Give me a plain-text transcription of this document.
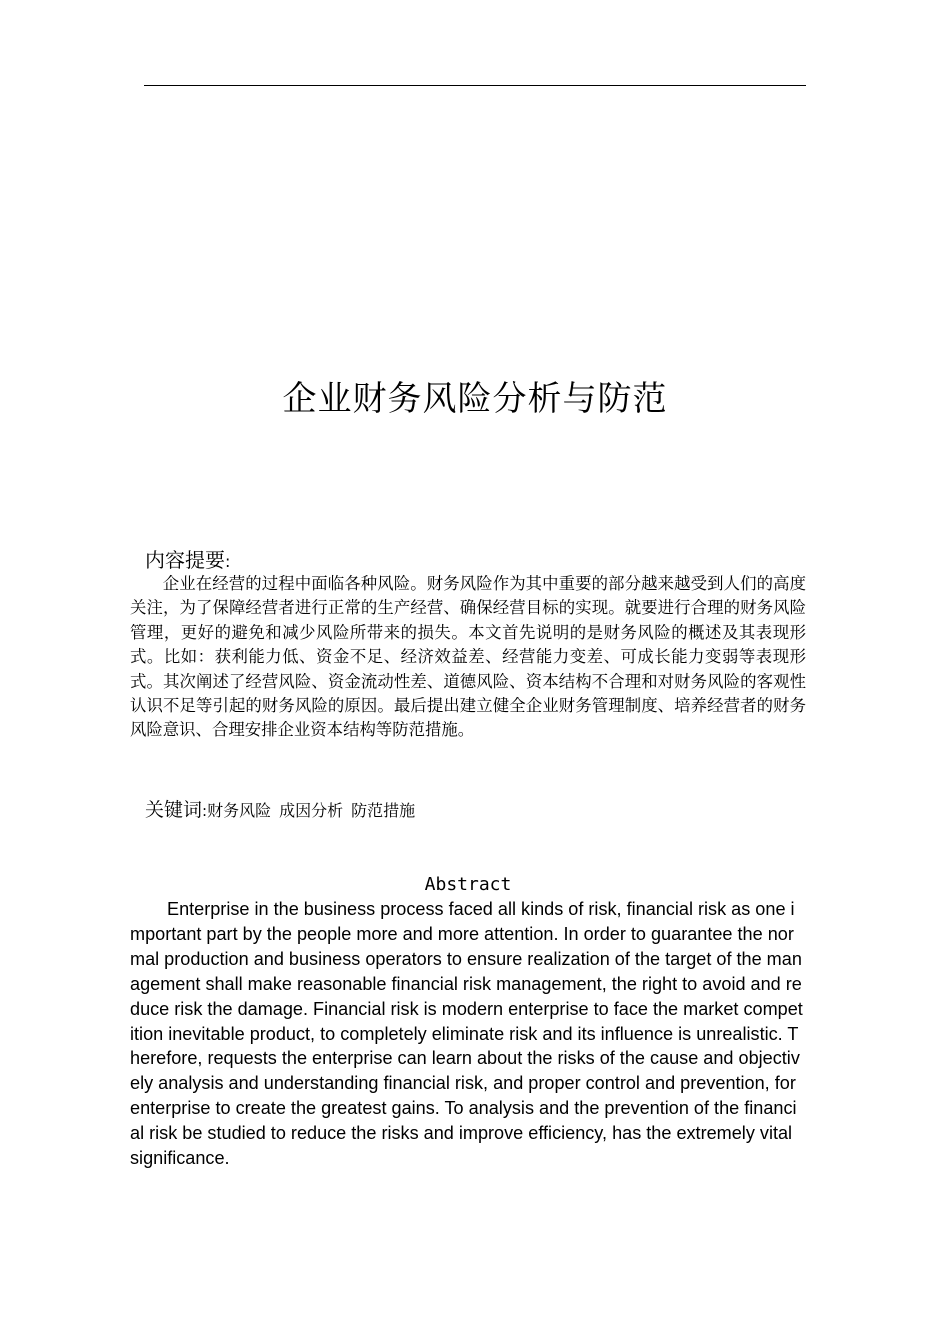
企业财务风险分析与防范
内容提要:

企业在经营的过程中面临各种风险。财务风险作为其中重要的部分越来越受到人们的高度关注，为了保障经营者进行正常的生产经营、确保经营目标的实现。就要进行合理的财务风险管理，更好的避免和减少风险所带来的损失。本文首先说明的是财务风险的概述及其表现形式。比如：获利能力低、资金不足、经济效益差、经营能力变差、可成长能力变弱等表现形式。其次阐述了经营风险、资金流动性差、道德风险、资本结构不合理和对财务风险的客观性认识不足等引起的财务风险的原因。最后提出建立健全企业财务管理制度、培养经营者的财务风险意识、合理安排企业资本结构等防范措施。

关键词:财务风险 成因分析 防范措施
Abstract

Enterprise in the business process faced all kinds of risk, financial risk as one important part by the people more and more attention. In order to guarantee the normal production and business operators to ensure realization of the target of the management shall make reasonable financial risk management, the right to avoid and reduce risk the damage. Financial risk is modern enterprise to face the market competition inevitable product, to completely eliminate risk and its influence is unrealistic. Therefore, requests the enterprise can learn about the risks of the cause and objectively analysis and understanding financial risk, and proper control and prevention, for enterprise to create the greatest gains. To analysis and the prevention of the financial risk be studied to reduce the risks and improve efficiency, has the extremely vital significance.
